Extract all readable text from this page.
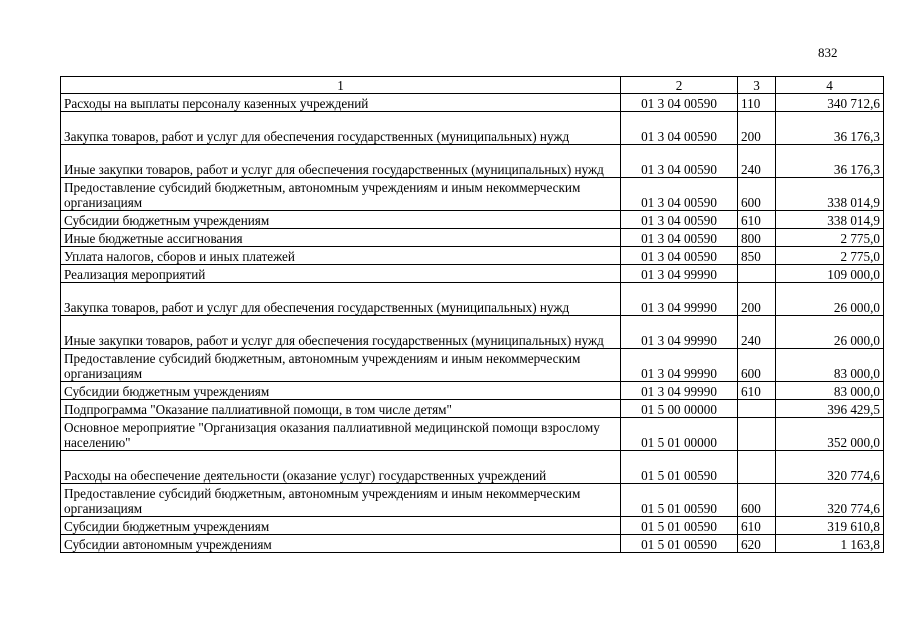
832
1	2	3	4
Расходы на выплаты персоналу казенных учреждений	01 3 04 00590	110	340 712,6
Закупка товаров, работ и услуг для обеспечения государственных (муниципальных) нужд	01 3 04 00590	200	36 176,3
Иные закупки товаров, работ и услуг для обеспечения государственных (муниципальных) нужд	01 3 04 00590	240	36 176,3
Предоставление субсидий бюджетным, автономным учреждениям и иным некоммерческим организациям	01 3 04 00590	600	338 014,9
Субсидии бюджетным учреждениям	01 3 04 00590	610	338 014,9
Иные бюджетные ассигнования	01 3 04 00590	800	2 775,0
Уплата налогов, сборов и иных платежей	01 3 04 00590	850	2 775,0
Реализация мероприятий	01 3 04 99990		109 000,0
Закупка товаров, работ и услуг для обеспечения государственных (муниципальных) нужд	01 3 04 99990	200	26 000,0
Иные закупки товаров, работ и услуг для обеспечения государственных (муниципальных) нужд	01 3 04 99990	240	26 000,0
Предоставление субсидий бюджетным, автономным учреждениям и иным некоммерческим организациям	01 3 04 99990	600	83 000,0
Субсидии бюджетным учреждениям	01 3 04 99990	610	83 000,0
Подпрограмма "Оказание паллиативной помощи, в том числе детям"	01 5 00 00000		396 429,5
Основное мероприятие "Организация оказания паллиативной медицинской помощи взрослому населению"	01 5 01 00000		352 000,0
Расходы на обеспечение деятельности (оказание услуг) государственных учреждений	01 5 01 00590		320 774,6
Предоставление субсидий бюджетным, автономным учреждениям и иным некоммерческим организациям	01 5 01 00590	600	320 774,6
Субсидии бюджетным учреждениям	01 5 01 00590	610	319 610,8
Субсидии автономным учреждениям	01 5 01 00590	620	1 163,8
